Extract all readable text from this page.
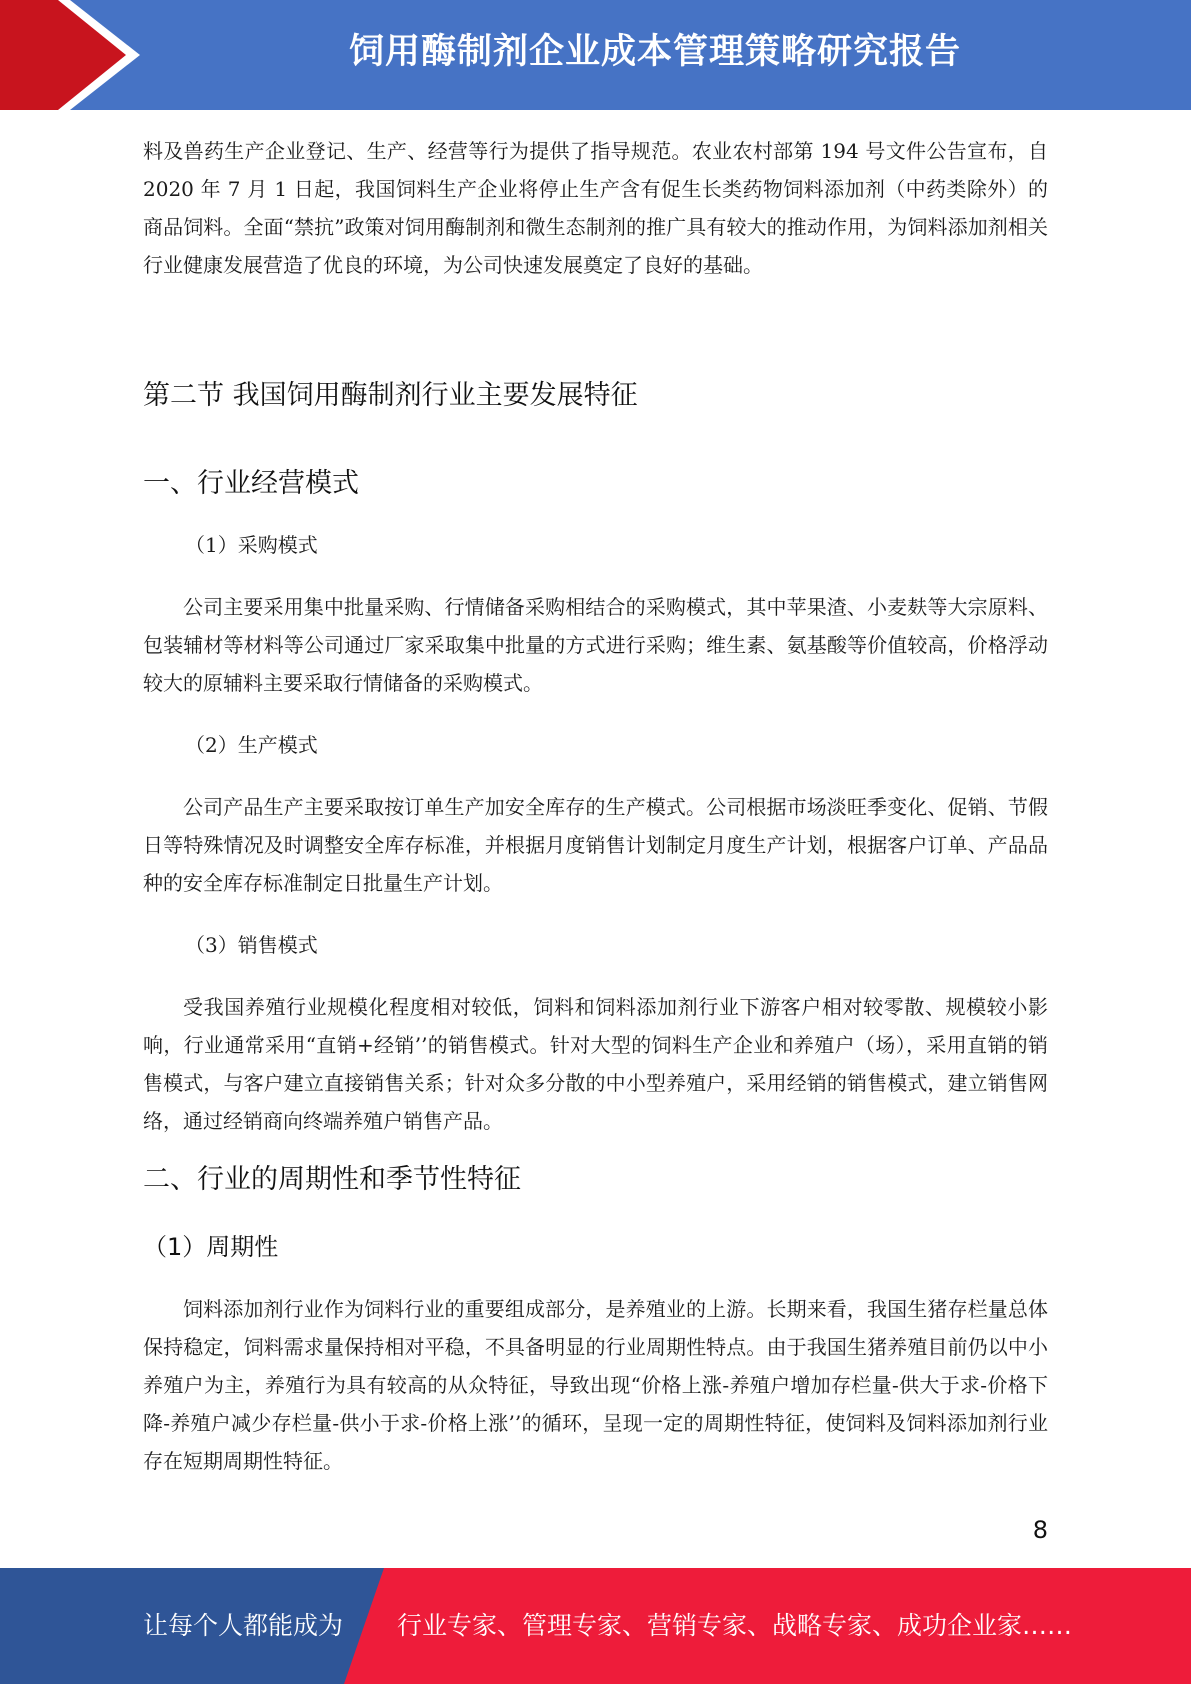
饲用酶制剂企业成本管理策略研究报告

料及兽药生产企业登记、生产、经营等行为提供了指导规范。农业农村部第 194 号文件公告宣布，自 2020 年 7 月 1 日起，我国饲料生产企业将停止生产含有促生长类药物饲料添加剂（中药类除外）的商品饲料。全面“禁抗”政策对饲用酶制剂和微生态制剂的推广具有较大的推动作用，为饲料添加剂相关行业健康发展营造了优良的环境，为公司快速发展奠定了良好的基础。

第二节 我国饲用酶制剂行业主要发展特征
一、行业经营模式

（1）采购模式

公司主要采用集中批量采购、行情储备采购相结合的采购模式，其中苹果渣、小麦麸等大宗原料、包装辅材等材料等公司通过厂家采取集中批量的方式进行采购；维生素、氨基酸等价值较高，价格浮动较大的原辅料主要采取行情储备的采购模式。

（2）生产模式

公司产品生产主要采取按订单生产加安全库存的生产模式。公司根据市场淡旺季变化、促销、节假日等特殊情况及时调整安全库存标准，并根据月度销售计划制定月度生产计划，根据客户订单、产品品种的安全库存标准制定日批量生产计划。

（3）销售模式

受我国养殖行业规模化程度相对较低，饲料和饲料添加剂行业下游客户相对较零散、规模较小影响，行业通常采用“直销+经销’’的销售模式。针对大型的饲料生产企业和养殖户（场），采用直销的销售模式，与客户建立直接销售关系；针对众多分散的中小型养殖户，采用经销的销售模式，建立销售网络，通过经销商向终端养殖户销售产品。

二、行业的周期性和季节性特征
（1）周期性

饲料添加剂行业作为饲料行业的重要组成部分，是养殖业的上游。长期来看，我国生猪存栏量总体保持稳定，饲料需求量保持相对平稳，不具备明显的行业周期性特点。由于我国生猪养殖目前仍以中小养殖户为主，养殖行为具有较高的从众特征，导致出现“价格上涨-养殖户增加存栏量-供大于求-价格下降-养殖户减少存栏量-供小于求-价格上涨’’的循环，呈现一定的周期性特征，使饲料及饲料添加剂行业存在短期周期性特征。

8
让每个人都能成为 行业专家、管理专家、营销专家、战略专家、成功企业家……
